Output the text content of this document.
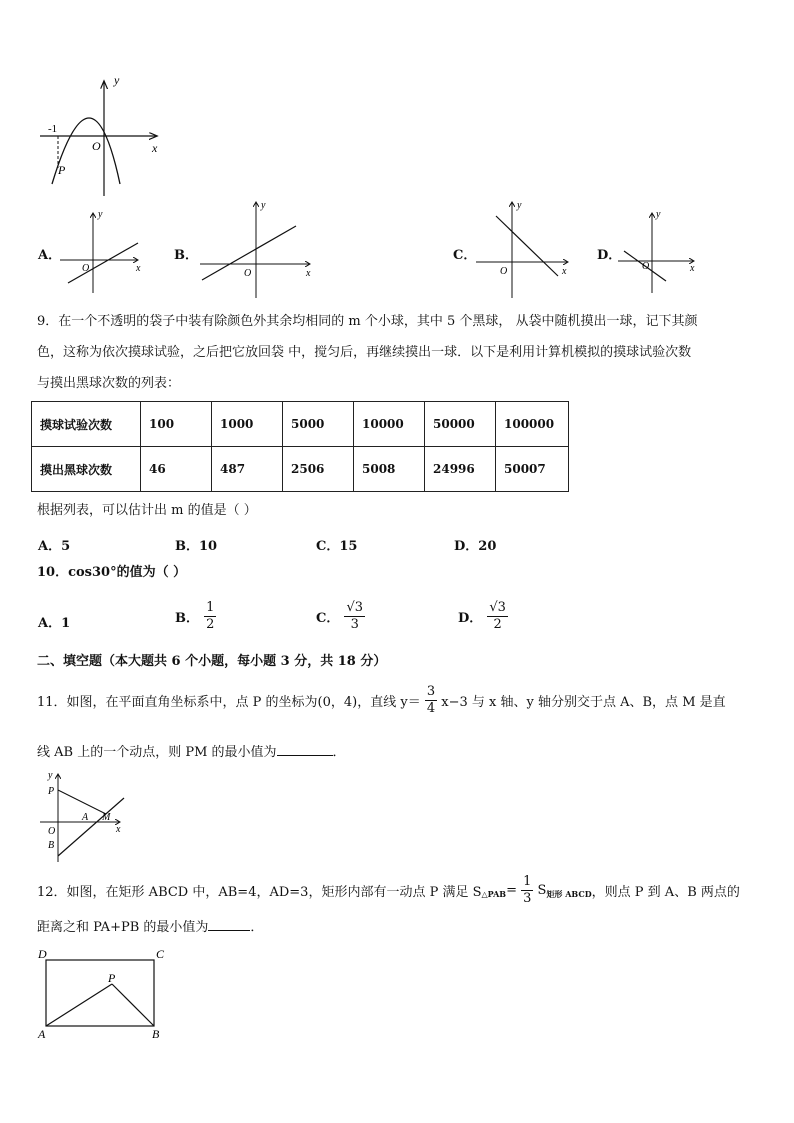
y
x
O
-1
P
A．
y
x
O
B．
y
x
O
C．
y
x
O
D．
y
x
O
9．在一个不透明的袋子中装有除颜色外其余均相同的 m 个小球，其中 5 个黑球， 从袋中随机摸出一球，记下其颜
色，这称为依次摸球试验，之后把它放回袋 中，搅匀后，再继续摸出一球．以下是利用计算机模拟的摸球试验次数
与摸出黑球次数的列表：
摸球试验次数	100	1000	5000	10000	50000	100000
摸出黑球次数	46	487	2506	5008	24996	50007
根据列表，可以估计出 m 的值是（ ）
A．5	B．10	C．15	D．20
10．cos30°的值为（ ）
A．1	B． $\frac{1}{2}$	C． $\frac{√3}{3}$	D． $\frac{√3}{2}$
二、填空题（本大题共 6 个小题，每小题 3 分，共 18 分）
11．如图，在平面直角坐标系中，点 P 的坐标为(0，4)，直线 $y= \frac{3}{4} x-3$ 与 x 轴、y 轴分别交于点 A、B，点 M 是直
线 AB 上的一个动点，则 PM 的最小值为	．
y
P
A M
x
O
B
12．如图，在矩形 ABCD 中，AB=4，AD=3，矩形内部有一动点 P 满足 $S_{\triangle PAB}= \frac{1}{3} S_{矩形 ABCD}$，则点 P 到 A、B 两点的
距离之和 PA+PB 的最小值为	．
D	C
P
A	B
